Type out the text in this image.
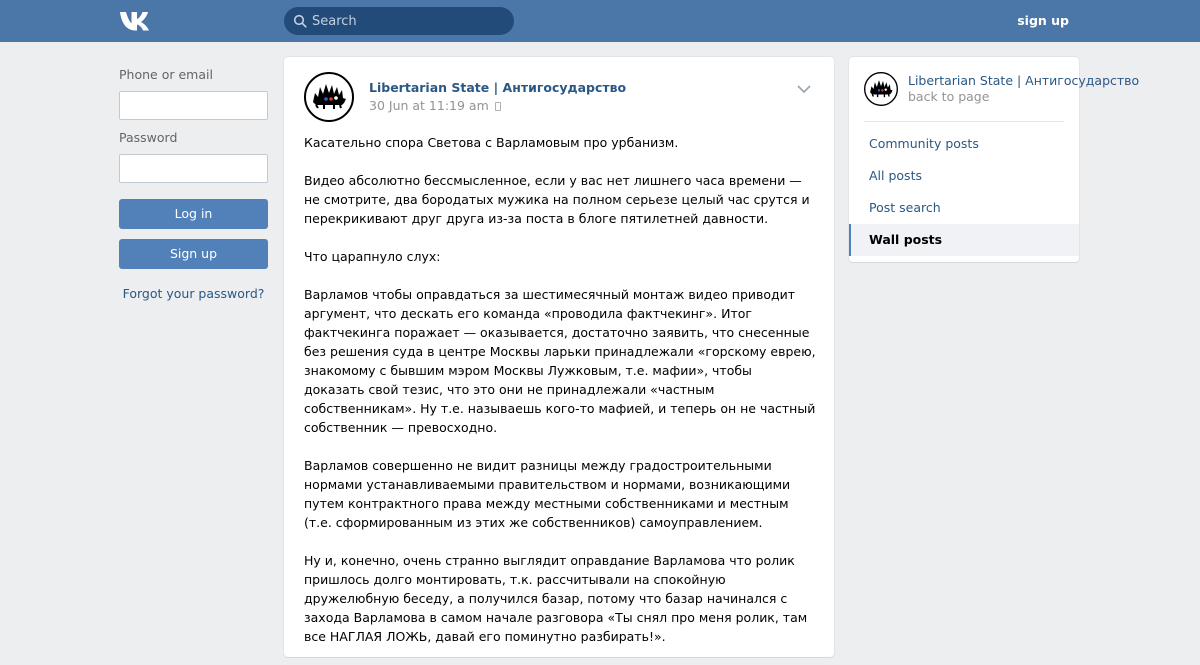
Search
sign up
Phone or email
Password
Log in
Sign up
Forgot your password?
Libertarian State | Антигосударство
30 Jun at 11:19 am

Касательно спора Светова с Варламовым про урбанизм.

Видео абсолютно бессмысленное, если у вас нет лишнего часа времени — не смотрите, два бородатых мужика на полном серьезе целый час срутся и перекрикивают друг друга из-за поста в блоге пятилетней давности.

Что царапнуло слух:

Варламов чтобы оправдаться за шестимесячный монтаж видео приводит аргумент, что дескать его команда «проводила фактчекинг». Итог фактчекинга поражает — оказывается, достаточно заявить, что снесенные без решения суда в центре Москвы ларьки принадлежали «горскому еврею, знакомому с бывшим мэром Москвы Лужковым, т.е. мафии», чтобы доказать свой тезис, что это они не принадлежали «частным собственникам». Ну т.е. называешь кого-то мафией, и теперь он не частный собственник — превосходно.

Варламов совершенно не видит разницы между градостроительными нормами устанавливаемыми правительством и нормами, возникающими путем контрактного права между местными собственниками и местным (т.е. сформированным из этих же собственников) самоуправлением.

Ну и, конечно, очень странно выглядит оправдание Варламова что ролик пришлось долго монтировать, т.к. рассчитывали на спокойную дружелюбную беседу, а получился базар, потому что базар начинался с захода Варламова в самом начале разговора «Ты снял про меня ролик, там все НАГЛАЯ ЛОЖЬ, давай его поминутно разбирать!».

Libertarian State | Антигосударство
back to page
Community posts
All posts
Post search
Wall posts
